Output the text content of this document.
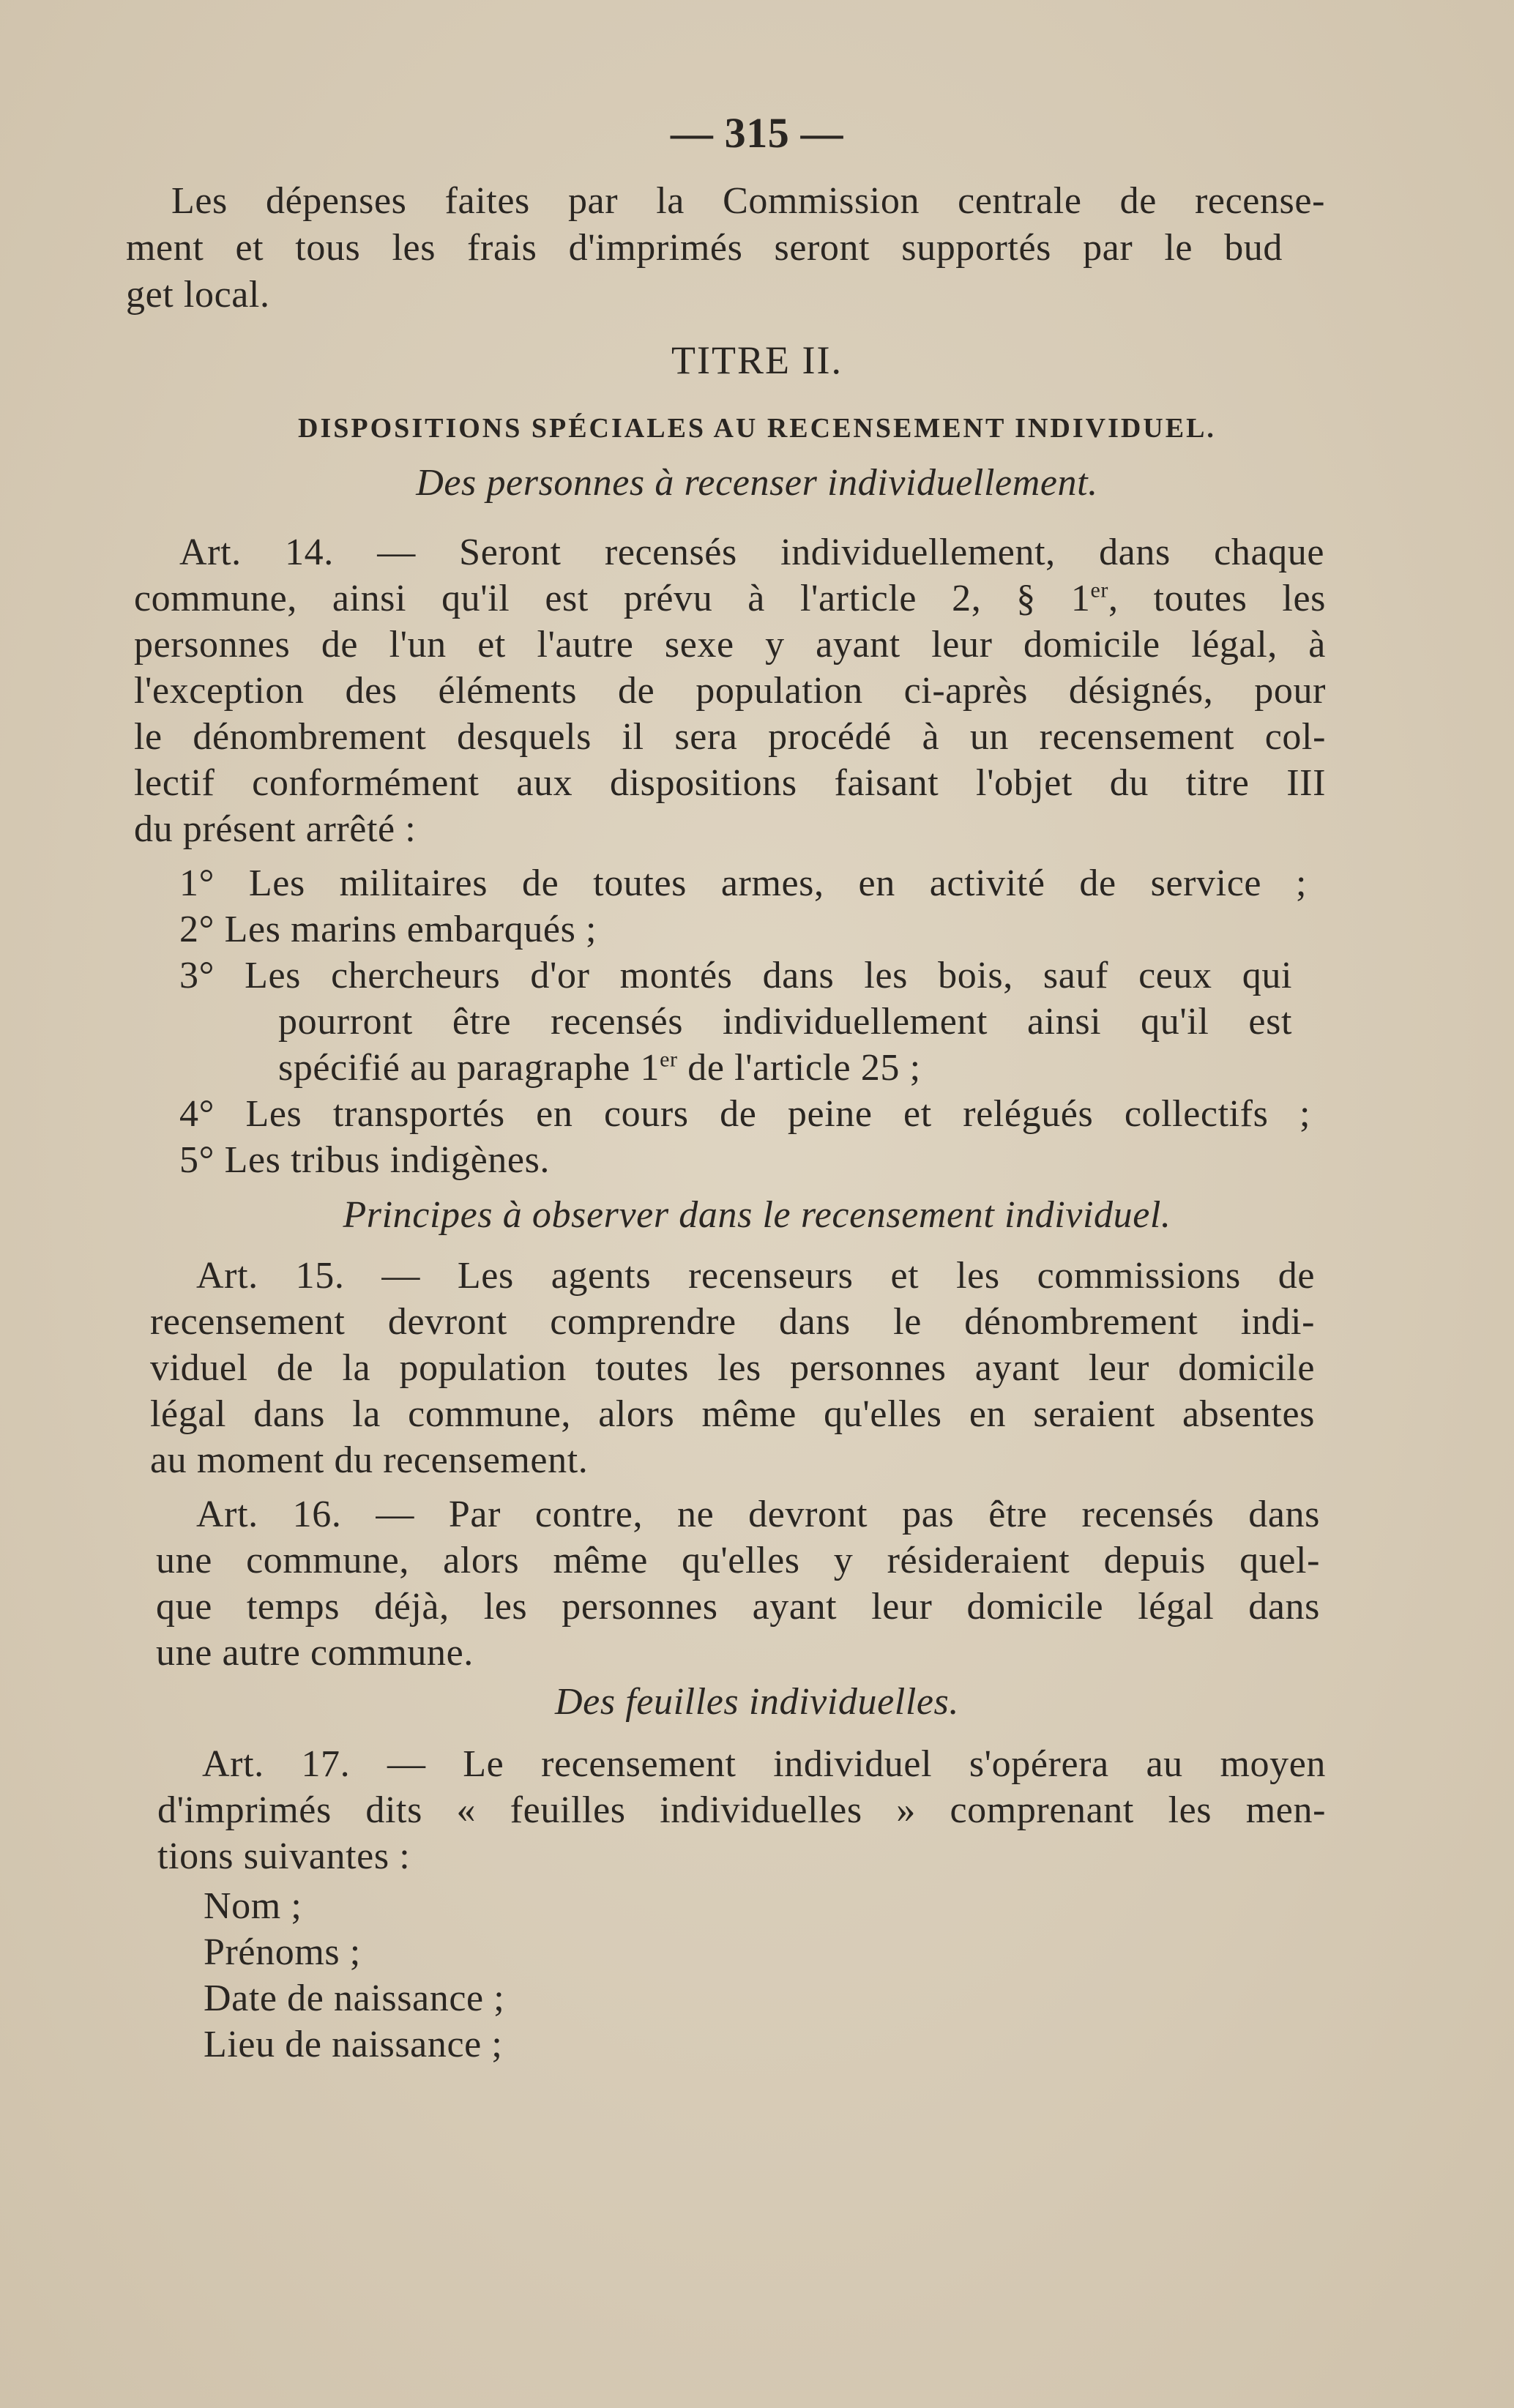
— 315 —
Les dépenses faites par la Commission centrale de recense-
ment et tous les frais d'imprimés seront supportés par le bud
get local.
TITRE II.
DISPOSITIONS SPÉCIALES AU RECENSEMENT INDIVIDUEL.
Des personnes à recenser individuellement.
Art. 14. — Seront recensés individuellement, dans chaque
commune, ainsi qu'il est prévu à l'article 2, § 1er, toutes les
personnes de l'un et l'autre sexe y ayant leur domicile légal, à
l'exception des éléments de population ci-après désignés, pour
le dénombrement desquels il sera procédé à un recensement col-
lectif conformément aux dispositions faisant l'objet du titre III
du présent arrêté :
1° Les militaires de toutes armes, en activité de service ;
2° Les marins embarqués ;
3° Les chercheurs d'or montés dans les bois, sauf ceux qui
pourront être recensés individuellement ainsi qu'il est
spécifié au paragraphe 1er de l'article 25 ;
4° Les transportés en cours de peine et relégués collectifs ;
5° Les tribus indigènes.
Principes à observer dans le recensement individuel.
Art. 15. — Les agents recenseurs et les commissions de
recensement devront comprendre dans le dénombrement indi-
viduel de la population toutes les personnes ayant leur domicile
légal dans la commune, alors même qu'elles en seraient absentes
au moment du recensement.
Art. 16. — Par contre, ne devront pas être recensés dans
une commune, alors même qu'elles y résideraient depuis quel-
que temps déjà, les personnes ayant leur domicile légal dans
une autre commune.
Des feuilles individuelles.
Art. 17. — Le recensement individuel s'opérera au moyen
d'imprimés dits « feuilles individuelles » comprenant les men-
tions suivantes :
Nom ;
Prénoms ;
Date de naissance ;
Lieu de naissance ;
